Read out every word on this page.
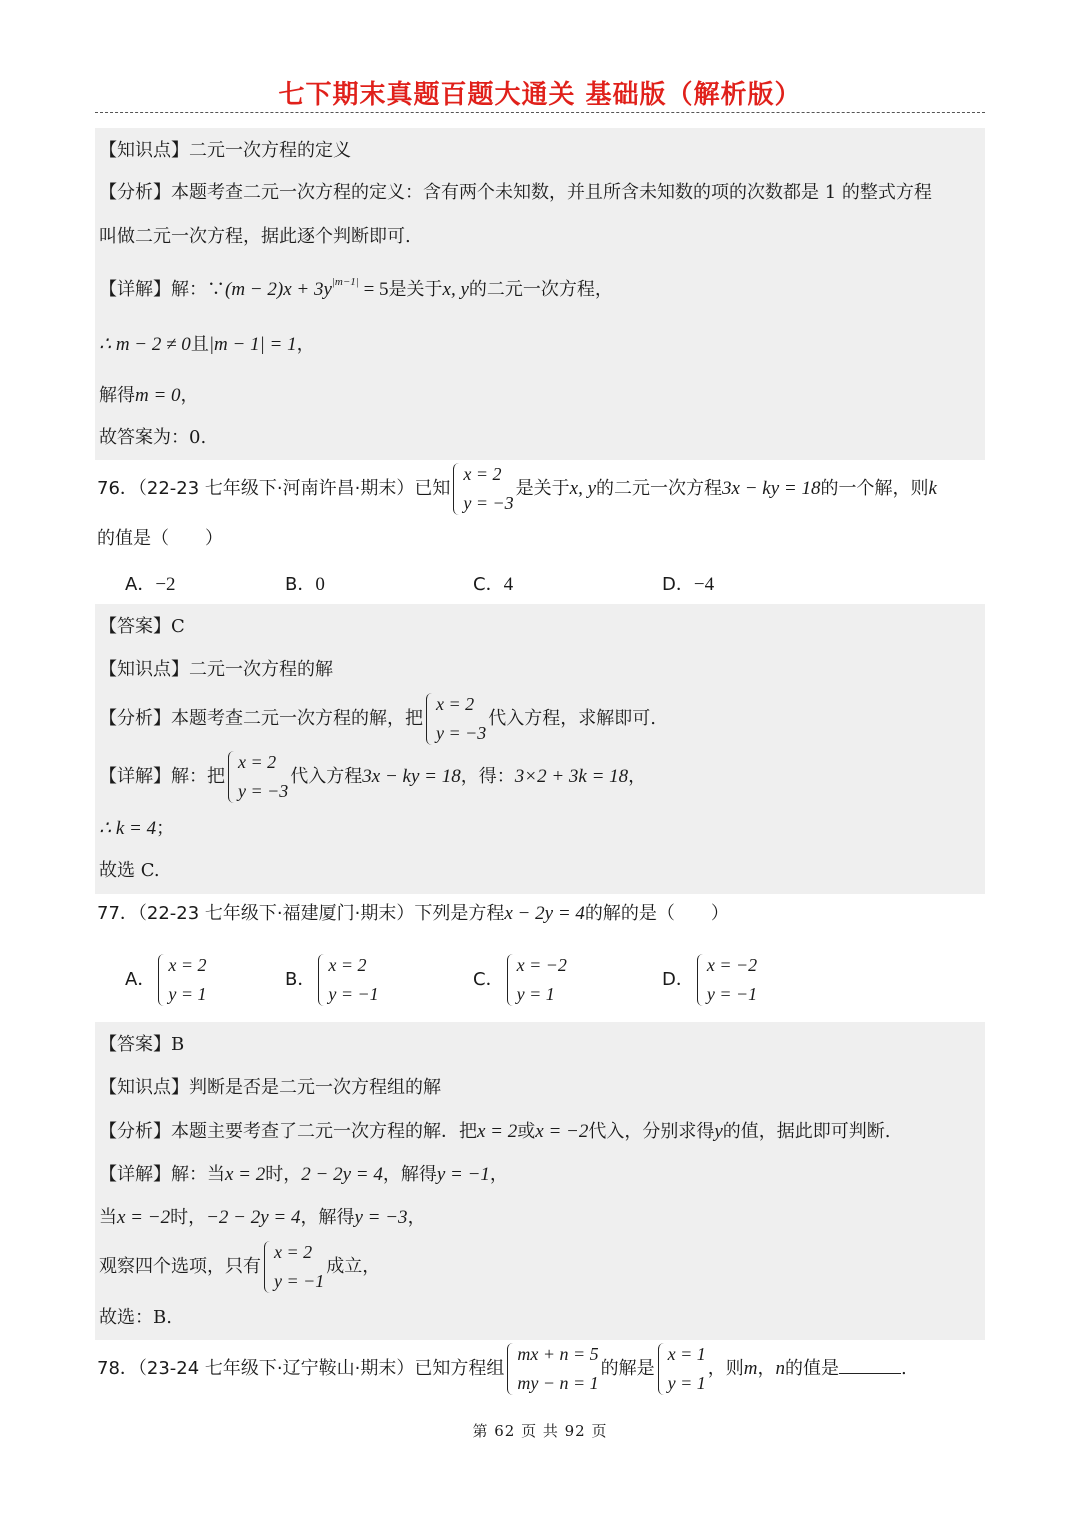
七下期末真题百题大通关 基础版（解析版）
【知识点】二元一次方程的定义
【分析】本题考查二元一次方程的定义：含有两个未知数，并且所含未知数的项的次数都是 1 的整式方程
叫做二元一次方程，据此逐个判断即可.
【详解】解：∵(m − $2)x + 3y^{|m-1|} = 5$是关于x, y的二元一次方程，
∴ m − 2 ≠ 0且|m − 1| = 1，
解得m = 0，
故答案为：0.
76．（22-23 七年级下·河南许昌·期末）已知
x = 2
y = −3
是关于x, y的二元一次方程3x − ky = 18的一个解，则k
的值是（　　）
A．−2	B．0	C．4	D．−4
【答案】C
【知识点】二元一次方程的解
【分析】本题考查二元一次方程的解，把
x = 2
y = −3
代入方程，求解即可.
【详解】解：把
x = 2
y = −3
代入方程3x − ky = 18，得：3×2 + 3k = 18，
∴ k = 4；
故选 C.
77．（22-23 七年级下·福建厦门·期末）下列是方程x − 2y = 4的解的是（　　）
A．
x = 2
y = 1
B．
x = 2
y = −1
C．
x = −2
y = 1
D．
x = −2
y = −1
【答案】B
【知识点】判断是否是二元一次方程组的解
【分析】本题主要考查了二元一次方程的解．把x = 2或x = −2代入，分别求得y的值，据此即可判断.
【详解】解：当x = 2时，2 − 2y = 4，解得y = −1，
当x = −2时，−2 − 2y = 4，解得y = −3，
观察四个选项，只有
x = 2
y = −1
成立，
故选：B.
78．（23-24 七年级下·辽宁鞍山·期末）已知方程组
mx + n = 5
my − n = 1
的解是
x = 1
y = 1
，则m，n的值是	.
第 62 页 共 92 页
